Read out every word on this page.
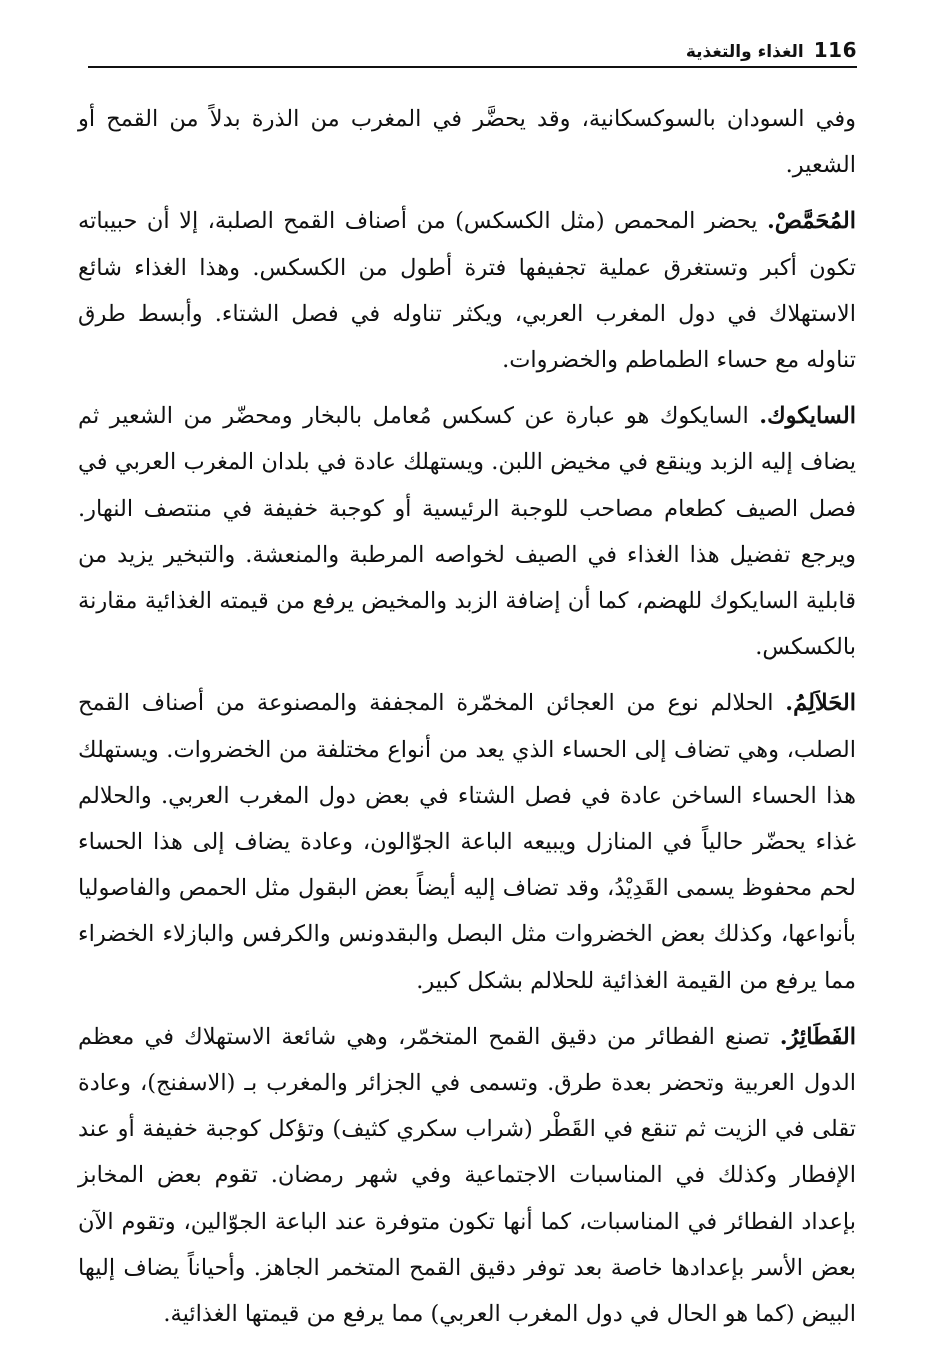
116
الغذاء والتغذية

وفي السودان بالسوكسكانية، وقد يحضَّر في المغرب من الذرة بدلاً من القمح أو الشعير.

المُحَمَّصْ. يحضر المحمص (مثل الكسكس) من أصناف القمح الصلبة، إلا أن حبيباته تكون أكبر وتستغرق عملية تجفيفها فترة أطول من الكسكس. وهذا الغذاء شائع الاستهلاك في دول المغرب العربي، ويكثر تناوله في فصل الشتاء. وأبسط طرق تناوله مع حساء الطماطم والخضروات.

السايكوك. السايكوك هو عبارة عن كسكس مُعامل بالبخار ومحضّر من الشعير ثم يضاف إليه الزبد وينقع في مخيض اللبن. ويستهلك عادة في بلدان المغرب العربي في فصل الصيف كطعام مصاحب للوجبة الرئيسية أو كوجبة خفيفة في منتصف النهار. ويرجع تفضيل هذا الغذاء في الصيف لخواصه المرطبة والمنعشة. والتبخير يزيد من قابلية السايكوك للهضم، كما أن إضافة الزبد والمخيض يرفع من قيمته الغذائية مقارنة بالكسكس.

الحَلاَلِمُ. الحلالم نوع من العجائن المخمّرة المجففة والمصنوعة من أصناف القمح الصلب، وهي تضاف إلى الحساء الذي يعد من أنواع مختلفة من الخضروات. ويستهلك هذا الحساء الساخن عادة في فصل الشتاء في بعض دول المغرب العربي. والحلالم غذاء يحضّر حالياً في المنازل ويبيعه الباعة الجوّالون، وعادة يضاف إلى هذا الحساء لحم محفوظ يسمى القَدِيْدُ، وقد تضاف إليه أيضاً بعض البقول مثل الحمص والفاصوليا بأنواعها، وكذلك بعض الخضروات مثل البصل والبقدونس والكرفس والبازلاء الخضراء مما يرفع من القيمة الغذائية للحلالم بشكل كبير.

الفَطَائِرُ. تصنع الفطائر من دقيق القمح المتخمّر، وهي شائعة الاستهلاك في معظم الدول العربية وتحضر بعدة طرق. وتسمى في الجزائر والمغرب بـ (الاسفنج)، وعادة تقلى في الزيت ثم تنقع في القَطْر (شراب سكري كثيف) وتؤكل كوجبة خفيفة أو عند الإفطار وكذلك في المناسبات الاجتماعية وفي شهر رمضان. تقوم بعض المخابز بإعداد الفطائر في المناسبات، كما أنها تكون متوفرة عند الباعة الجوّالين، وتقوم الآن بعض الأسر بإعدادها خاصة بعد توفر دقيق القمح المتخمر الجاهز. وأحياناً يضاف إليها البيض (كما هو الحال في دول المغرب العربي) مما يرفع من قيمتها الغذائية.
